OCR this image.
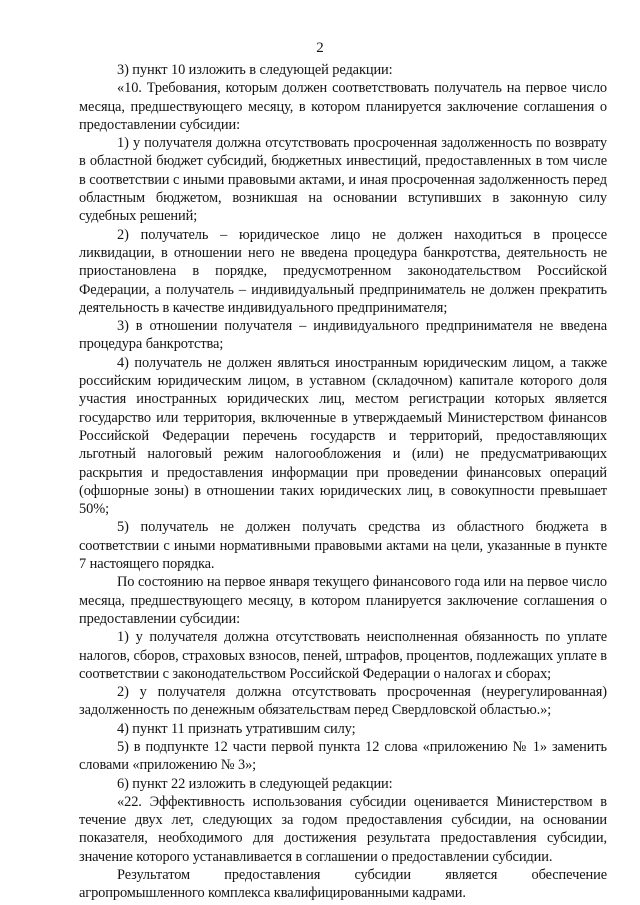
2

3) пункт 10 изложить в следующей редакции:

«10. Требования, которым должен соответствовать получатель на первое число месяца, предшествующего месяцу, в котором планируется заключение соглашения о предоставлении субсидии:

1) у получателя должна отсутствовать просроченная задолженность по возврату в областной бюджет субсидий, бюджетных инвестиций, предоставленных в том числе в соответствии с иными правовыми актами, и иная просроченная задолженность перед областным бюджетом, возникшая на основании вступивших в законную силу судебных решений;

2) получатель – юридическое лицо не должен находиться в процессе ликвидации, в отношении него не введена процедура банкротства, деятельность не приостановлена в порядке, предусмотренном законодательством Российской Федерации, а получатель – индивидуальный предприниматель не должен прекратить деятельность в качестве индивидуального предпринимателя;

3) в отношении получателя – индивидуального предпринимателя не введена процедура банкротства;

4) получатель не должен являться иностранным юридическим лицом, а также российским юридическим лицом, в уставном (складочном) капитале которого доля участия иностранных юридических лиц, местом регистрации которых является государство или территория, включенные в утверждаемый Министерством финансов Российской Федерации перечень государств и территорий, предоставляющих льготный налоговый режим налогообложения и (или) не предусматривающих раскрытия и предоставления информации при проведении финансовых операций (офшорные зоны) в отношении таких юридических лиц, в совокупности превышает 50%;

5) получатель не должен получать средства из областного бюджета в соответствии с иными нормативными правовыми актами на цели, указанные в пункте 7 настоящего порядка.

По состоянию на первое января текущего финансового года или на первое число месяца, предшествующего месяцу, в котором планируется заключение соглашения о предоставлении субсидии:

1) у получателя должна отсутствовать неисполненная обязанность по уплате налогов, сборов, страховых взносов, пеней, штрафов, процентов, подлежащих уплате в соответствии с законодательством Российской Федерации о налогах и сборах;

2) у получателя должна отсутствовать просроченная (неурегулированная) задолженность по денежным обязательствам перед Свердловской областью.»;

4) пункт 11 признать утратившим силу;

5) в подпункте 12 части первой пункта 12 слова «приложению № 1» заменить словами «приложению № 3»;

6) пункт 22 изложить в следующей редакции:

«22. Эффективность использования субсидии оценивается Министерством в течение двух лет, следующих за годом предоставления субсидии, на основании показателя, необходимого для достижения результата предоставления субсидии, значение которого устанавливается в соглашении о предоставлении субсидии.

Результатом предоставления субсидии является обеспечение агропромышленного комплекса квалифицированными кадрами.
